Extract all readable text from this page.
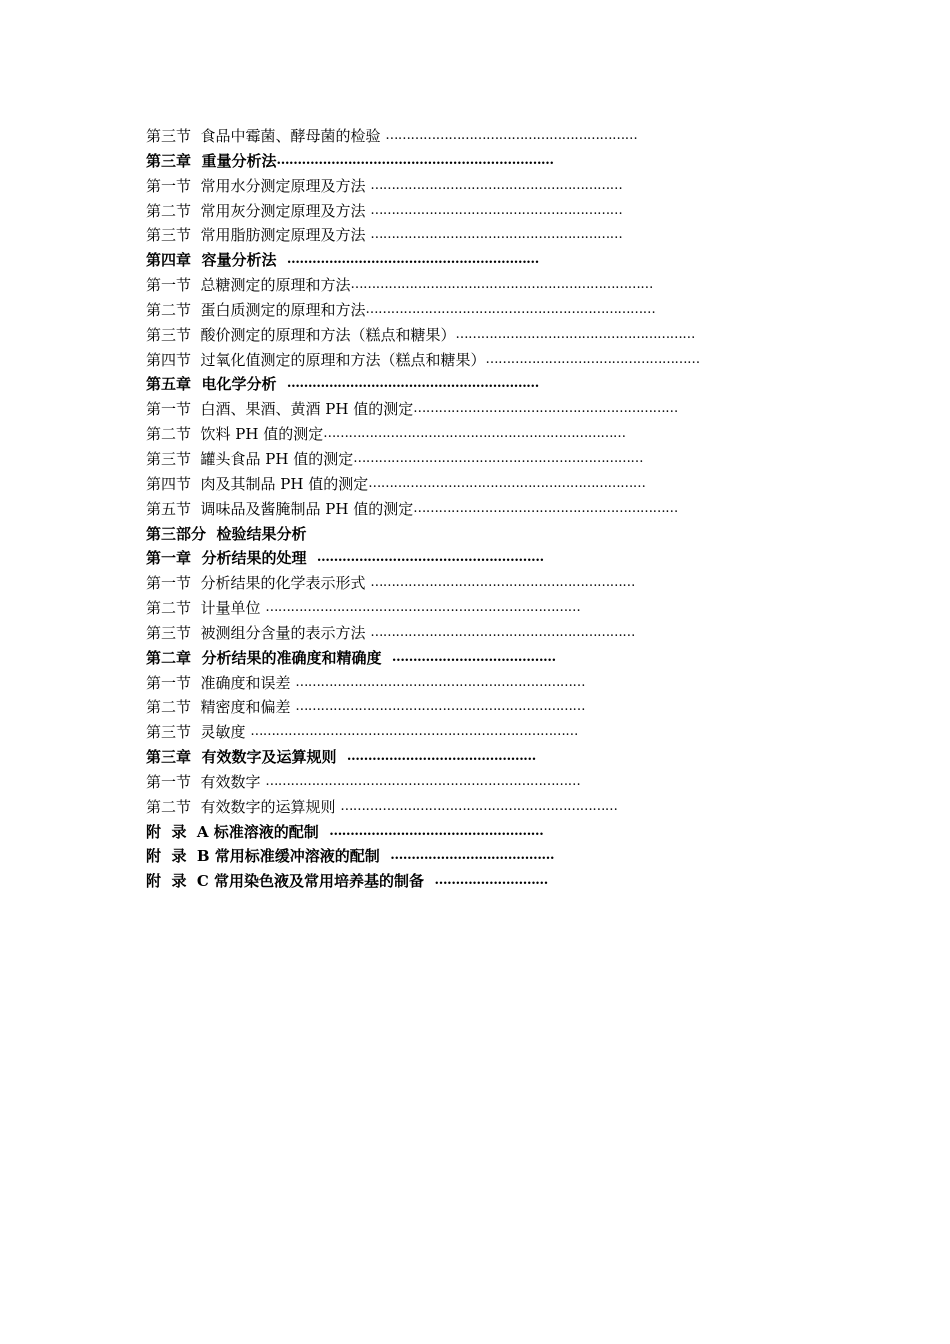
第三节  食品中霉菌、酵母菌的检验 ……………………………………………………
第三章  重量分析法 …………………………………………………………
第一节  常用水分测定原理及方法 ……………………………………………………
第二节  常用灰分测定原理及方法 ……………………………………………………
第三节  常用脂肪测定原理及方法 ……………………………………………………
第四章  容量分析法 ……………………………………………………
第一节  总糖测定的原理和方法 ………………………………………………………………
第二节  蛋白质测定的原理和方法 ……………………………………………………………
第三节  酸价测定的原理和方法（糕点和糖果） …………………………………………………
第四节  过氧化值测定的原理和方法（糕点和糖果） ……………………………………………
第五章  电化学分析 ……………………………………………………
第一节  白酒、果酒、黄酒 PH 值的测定 ………………………………………………………
第二节  饮料 PH 值的测定 ………………………………………………………………
第三节  罐头食品 PH 值的测定 ……………………………………………………………
第四节  肉及其制品 PH 值的测定 …………………………………………………………
第五节  调味品及酱腌制品 PH 值的测定 ………………………………………………………
第三部分  检验结果分析
第一章  分析结果的处理 ………………………………………………
第一节  分析结果的化学表示形式 ………………………………………………………
第二节  计量单位 …………………………………………………………………
第三节  被测组分含量的表示方法 ………………………………………………………
第二章  分析结果的准确度和精确度 …………………………………
第一节  准确度和误差 ……………………………………………………………
第二节  精密度和偏差 ……………………………………………………………
第三节  灵敏度 ……………………………………………………………………
第三章  有效数字及运算规则 ………………………………………
第一节  有效数字 …………………………………………………………………
第二节  有效数字的运算规则 …………………………………………………………
附  录  A 标准溶液的配制 ……………………………………………
附  录  B 常用标准缓冲溶液的配制 …………………………………
附  录  C 常用染色液及常用培养基的制备 ………………………
